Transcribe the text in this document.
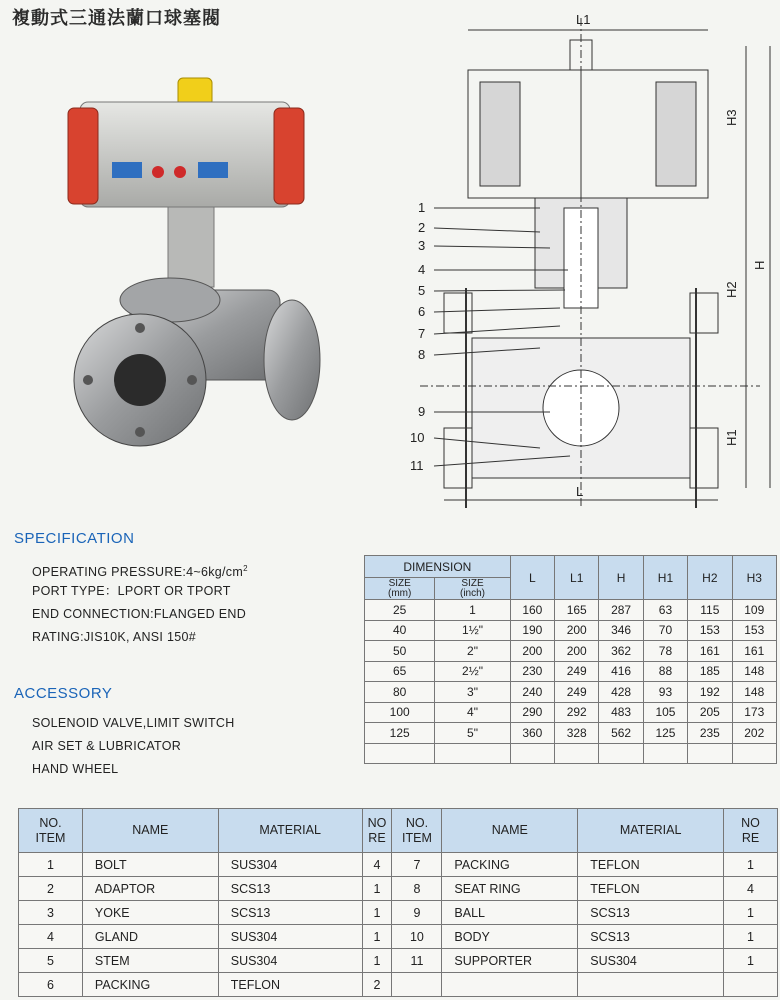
複動式三通法蘭口球塞閥	L1
L
H3
H
H2
H1
1
2
3
4
5
6
7
8
9
10
11
SPECIFICATION
OPERATING $PRESSURE:4\sim 6kg/cm^2$
PORT TYPE：LPORT OR TPORT
END CONNECTION:FLANGED END
RATING:JIS10K, ANSI 150#
ACCESSORY
SOLENOID VALVE,LIMIT SWITCH
AIR SET & LUBRICATOR
HAND WHEEL
DIMENSION		L	L1	H	H1	H2	H3
SIZE
(mm)	SIZE
(inch)						
25	1	160	165	287	63	115	109
40	1½"	190	200	346	70	153	153
50	2"	200	200	362	78	161	161
65	2½"	230	249	416	88	185	148
80	3"	240	249	428	93	192	148
100	4"	290	292	483	105	205	173
125	5"	360	328	562	125	235	202

NO.
ITEM	NAME	MATERIAL	NO
RE	NO.
ITEM	NAME	MATERIAL	NO
RE
1	BOLT	SUS304	4	7	PACKING	TEFLON	1
2	ADAPTOR	SCS13	1	8	SEAT RING	TEFLON	4
3	YOKE	SCS13	1	9	BALL	SCS13	1
4	GLAND	SUS304	1	10	BODY	SCS13	1
5	STEM	SUS304	1	11	SUPPORTER	SUS304	1
6	PACKING	TEFLON	2				
